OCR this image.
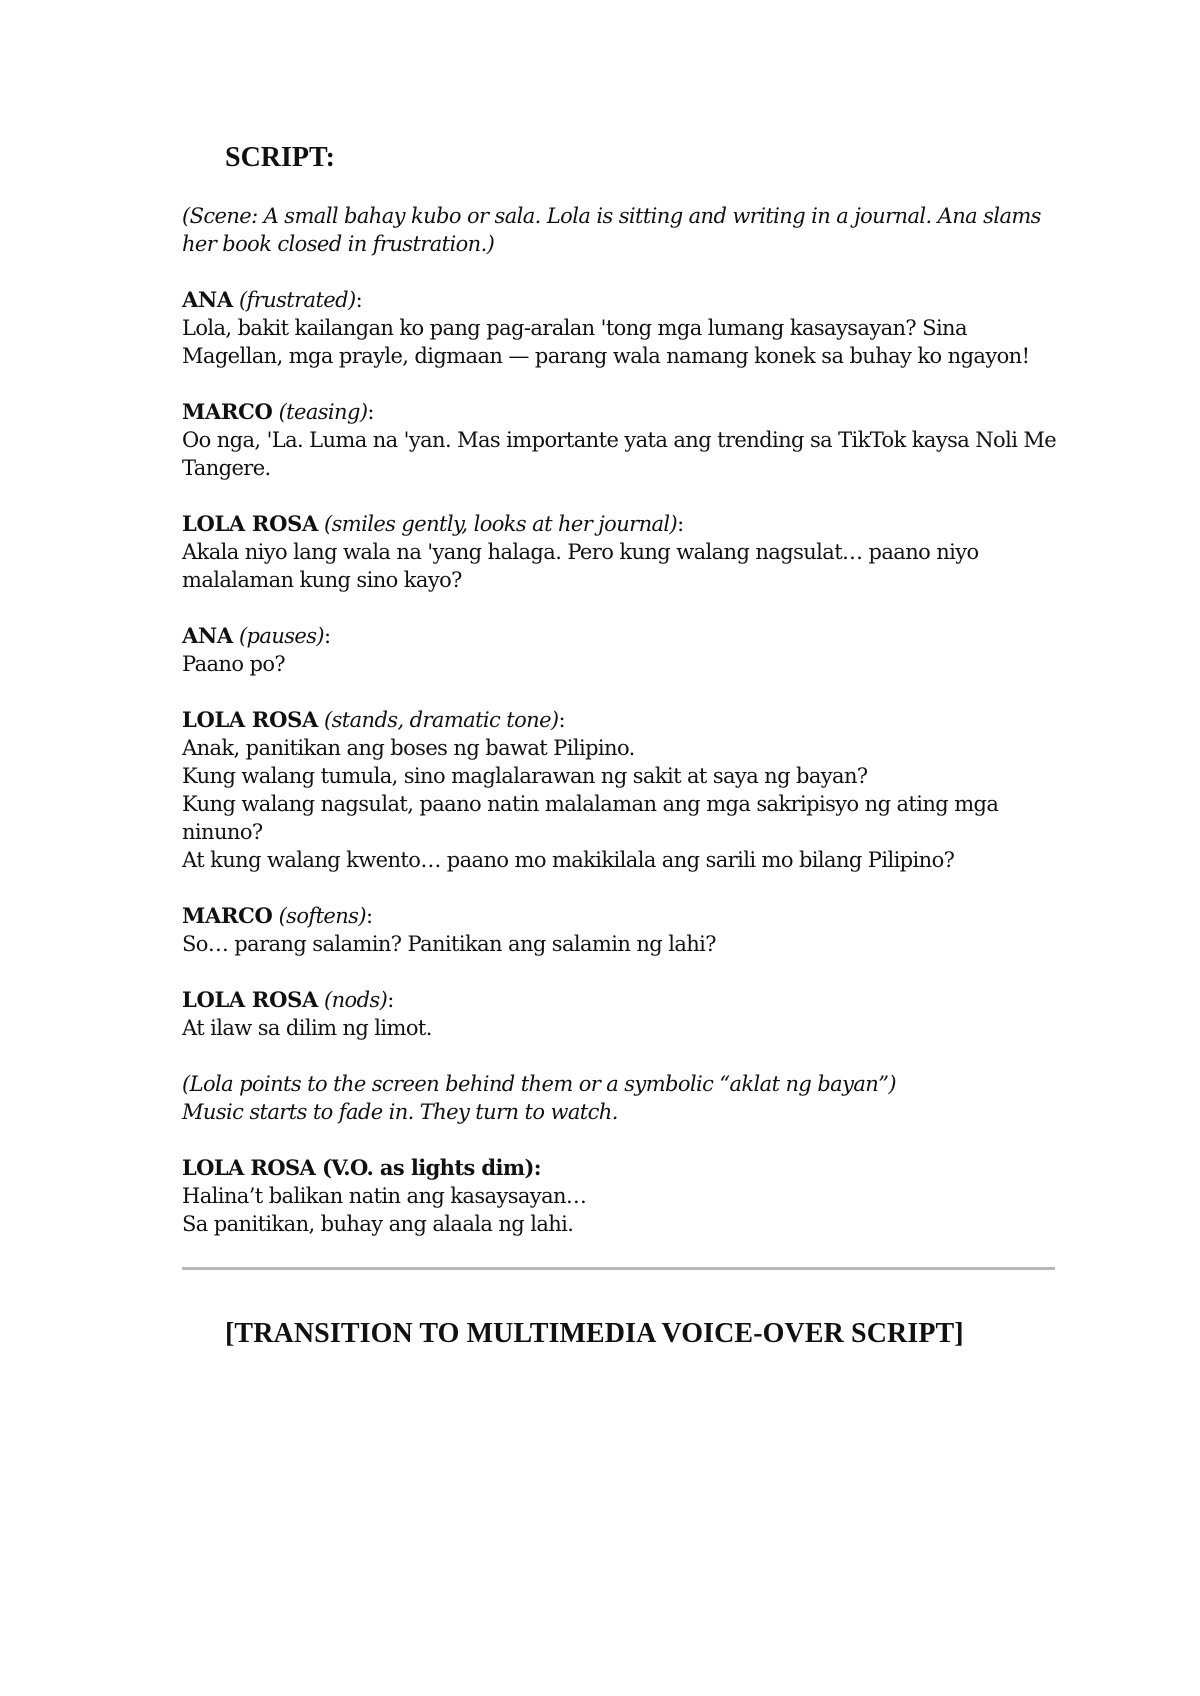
SCRIPT:
(Scene: A small bahay kubo or sala. Lola is sitting and writing in a journal. Ana slams her book closed in frustration.)
ANA (frustrated):
Lola, bakit kailangan ko pang pag-aralan 'tong mga lumang kasaysayan? Sina Magellan, mga prayle, digmaan — parang wala namang konek sa buhay ko ngayon!
MARCO (teasing):
Oo nga, 'La. Luma na 'yan. Mas importante yata ang trending sa TikTok kaysa Noli Me Tangere.
LOLA ROSA (smiles gently, looks at her journal):
Akala niyo lang wala na 'yang halaga. Pero kung walang nagsulat… paano niyo malalaman kung sino kayo?
ANA (pauses):
Paano po?
LOLA ROSA (stands, dramatic tone):
Anak, panitikan ang boses ng bawat Pilipino.
Kung walang tumula, sino maglalarawan ng sakit at saya ng bayan?
Kung walang nagsulat, paano natin malalaman ang mga sakripisyo ng ating mga ninuno?
At kung walang kwento… paano mo makikilala ang sarili mo bilang Pilipino?
MARCO (softens):
So… parang salamin? Panitikan ang salamin ng lahi?
LOLA ROSA (nods):
At ilaw sa dilim ng limot.
(Lola points to the screen behind them or a symbolic “aklat ng bayan”)
Music starts to fade in. They turn to watch.
LOLA ROSA (V.O. as lights dim):
Halina’t balikan natin ang kasaysayan…
Sa panitikan, buhay ang alaala ng lahi.
[TRANSITION TO MULTIMEDIA VOICE-OVER SCRIPT]
